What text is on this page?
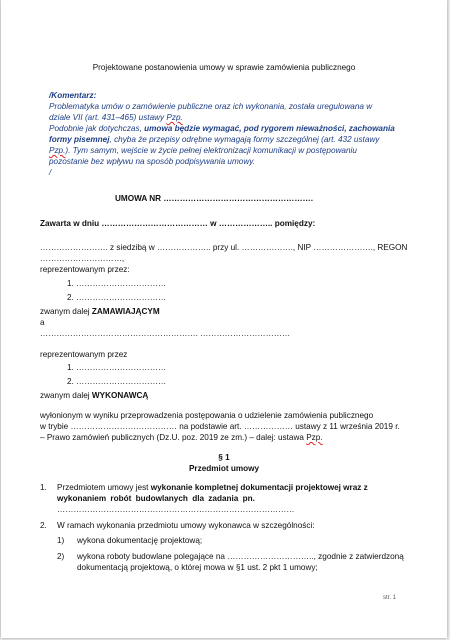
Projektowane postanowienia umowy w sprawie zamówienia publicznego
/Komentarz:
Problematyka umów o zamówienie publiczne oraz ich wykonania, została uregulowana w
dziale VII (art. 431–465) ustawy Pzp.
Podobnie jak dotychczas, umowa będzie wymagać, pod rygorem nieważności, zachowania
formy pisemnej, chyba że przepisy odrębne wymagają formy szczególnej (art. 432 ustawy
Pzp.). Tym samym, wejście w życie pełnej elektronizacji komunikacji w postępowaniu
pozostanie bez wpływu na sposób podpisywania umowy.
/
UMOWA NR ……………………………………………….
Zawarta w dniu ………………………………… w ……………….. pomiędzy:
……………………. z siedzibą w ……………….. przy ul. ………………., NIP …………………., REGON
…………………………,
reprezentowanym przez:
1. ……………………………
2. ……………………………
zwanym dalej ZAMAWIAJĄCYM
a
…………………………………………………. ……………………………
reprezentowanym przez
1. ……………………………
2. ……………………………
zwanym dalej WYKONAWCĄ
wyłonionym w wyniku przeprowadzenia postępowania o udzielenie zamówienia publicznego
w trybie ………………………………… na podstawie art. ……………… ustawy z 11 września 2019 r.
– Prawo zamówień publicznych (Dz.U. poz. 2019 ze zm.) – dalej: ustawa Pzp.
§ 1
Przedmiot umowy
1. Przedmiotem umowy jest wykonanie kompletnej dokumentacji projektowej wraz z
wykonaniem robót budowlanych dla zadania pn.
……………………………………………………………………………
2. W ramach wykonania przedmiotu umowy wykonawca w szczególności:
1) wykona dokumentację projektową;
2) wykona roboty budowlane polegające na ………………………….., zgodnie z zatwierdzoną
dokumentacją projektową, o której mowa w §1 ust. 2 pkt 1 umowy;
str. 1
